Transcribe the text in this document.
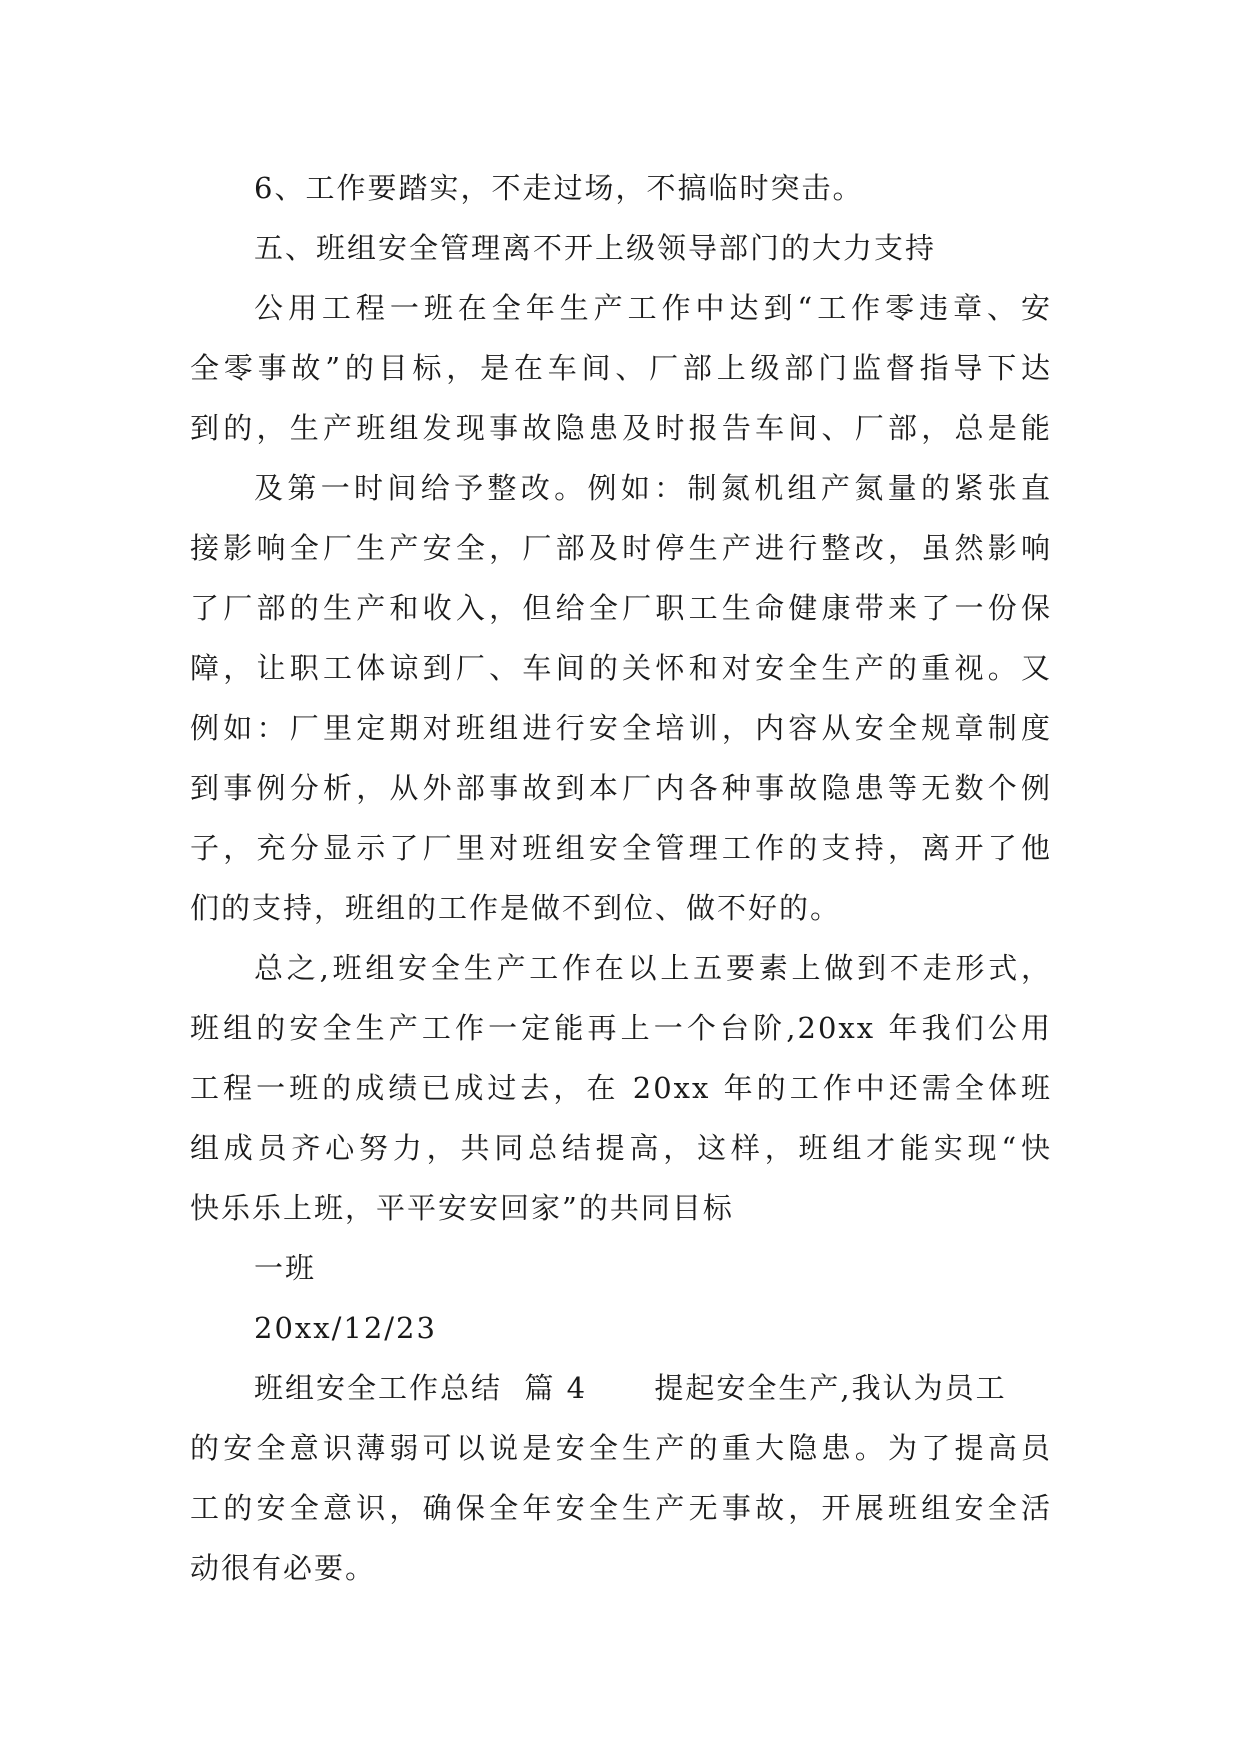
6、工作要踏实，不走过场，不搞临时突击。
五、班组安全管理离不开上级领导部门的大力支持
公用工程一班在全年生产工作中达到“工作零违章、安
全零事故”的目标，是在车间、厂部上级部门监督指导下达
到的，生产班组发现事故隐患及时报告车间、厂部，总是能
及第一时间给予整改。例如：制氮机组产氮量的紧张直
接影响全厂生产安全，厂部及时停生产进行整改，虽然影响
了厂部的生产和收入，但给全厂职工生命健康带来了一份保
障，让职工体谅到厂、车间的关怀和对安全生产的重视。又
例如：厂里定期对班组进行安全培训，内容从安全规章制度
到事例分析，从外部事故到本厂内各种事故隐患等无数个例
子，充分显示了厂里对班组安全管理工作的支持，离开了他
们的支持，班组的工作是做不到位、做不好的。
总之,班组安全生产工作在以上五要素上做到不走形式，
班组的安全生产工作一定能再上一个台阶,20xx 年我们公用
工程一班的成绩已成过去，在 20xx 年的工作中还需全体班
组成员齐心努力，共同总结提高，这样，班组才能实现“快
快乐乐上班，平平安安回家”的共同目标
一班
20xx/12/23
班组安全工作总结  篇 4      提起安全生产,我认为员工
的安全意识薄弱可以说是安全生产的重大隐患。为了提高员
工的安全意识，确保全年安全生产无事故，开展班组安全活
动很有必要。
